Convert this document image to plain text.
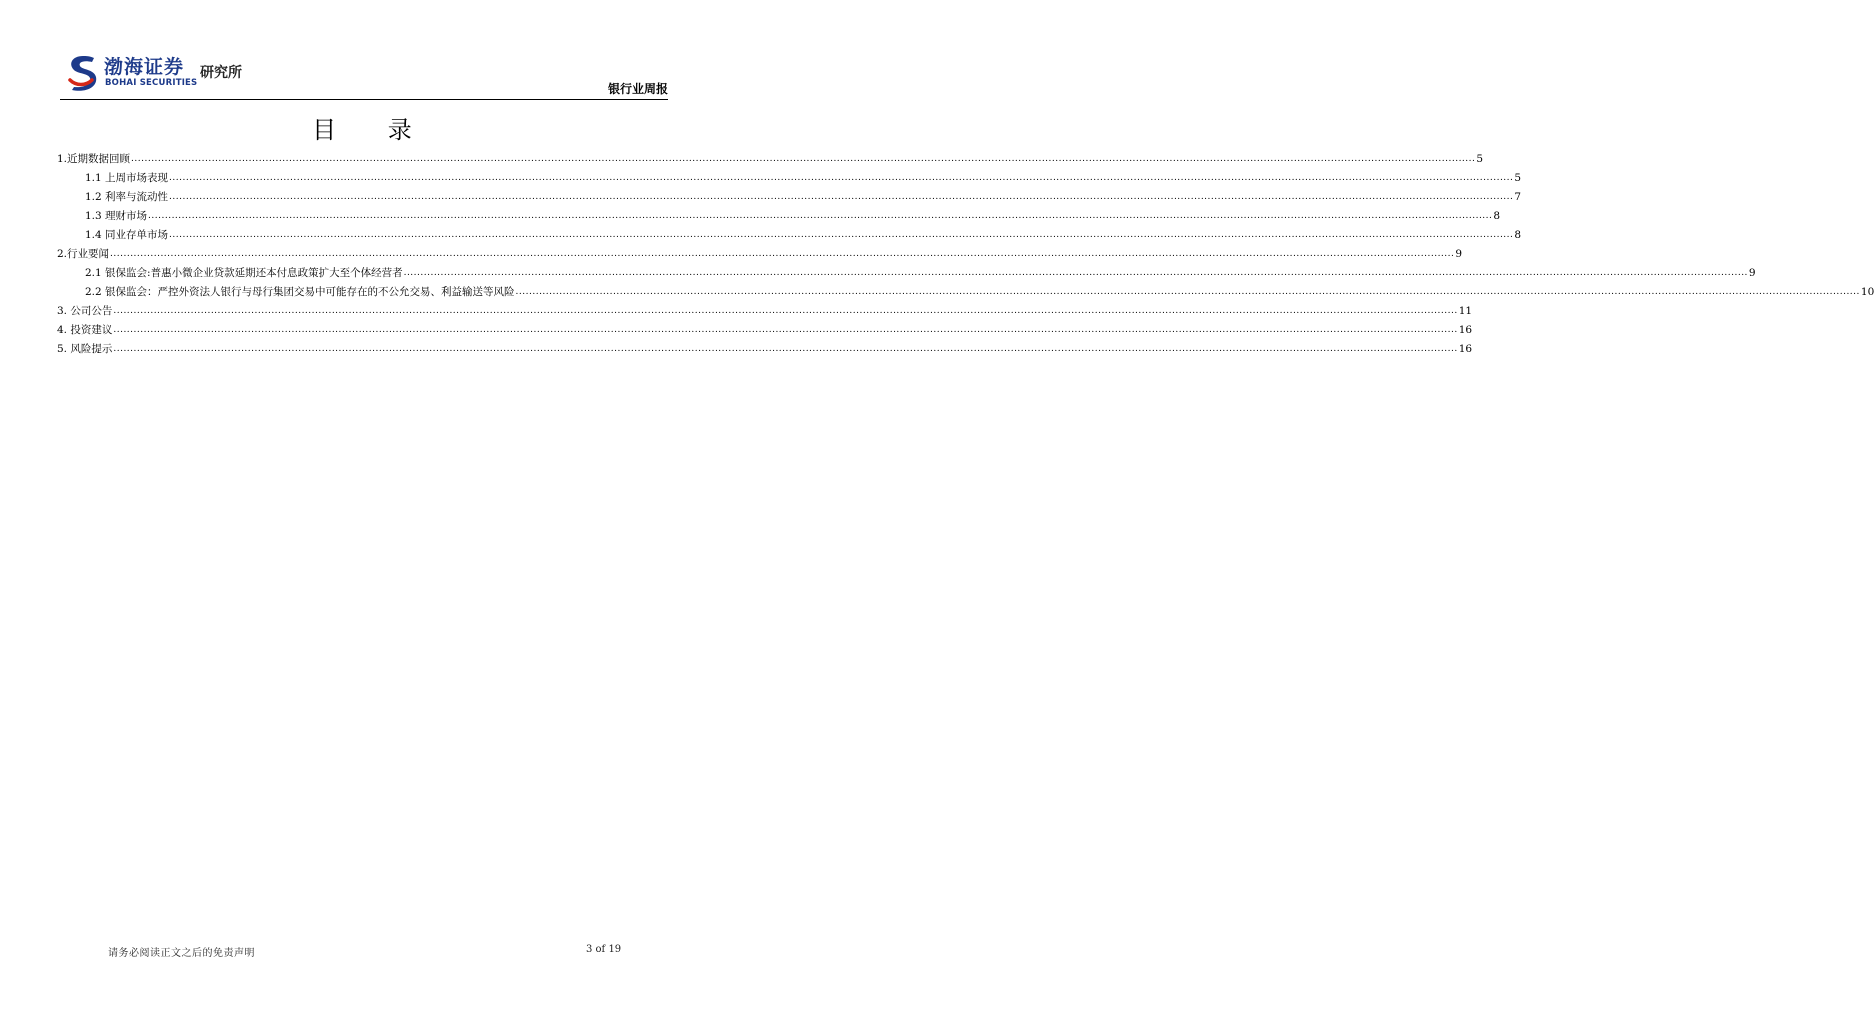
渤海证券
BOHAI SECURITIES
研究所
银行业周报
目 录
1.近期数据回顾 ................................................................................................................................................................................................................................................................................................................................................................................................................ 5
1.1 上周市场表现 ................................................................................................................................................................................................................................................................................................................................................................................................................ 5
1.2 利率与流动性 ................................................................................................................................................................................................................................................................................................................................................................................................................ 7
1.3 理财市场 ................................................................................................................................................................................................................................................................................................................................................................................................................ 8
1.4 同业存单市场 ................................................................................................................................................................................................................................................................................................................................................................................................................ 8
2.行业要闻 ................................................................................................................................................................................................................................................................................................................................................................................................................ 9
2.1 银保监会:普惠小微企业贷款延期还本付息政策扩大至个体经营者 ................................................................................................................................................................................................................................................................................................................................................................................................................ 9
2.2 银保监会：严控外资法人银行与母行集团交易中可能存在的不公允交易、利益输送等风险 ................................................................................................................................................................................................................................................................................................................................................................................................................ 10
3. 公司公告 ................................................................................................................................................................................................................................................................................................................................................................................................................ 11
4. 投资建议 ................................................................................................................................................................................................................................................................................................................................................................................................................ 16
5. 风险提示 ................................................................................................................................................................................................................................................................................................................................................................................................................ 16
请务必阅读正文之后的免责声明	3 of 19
